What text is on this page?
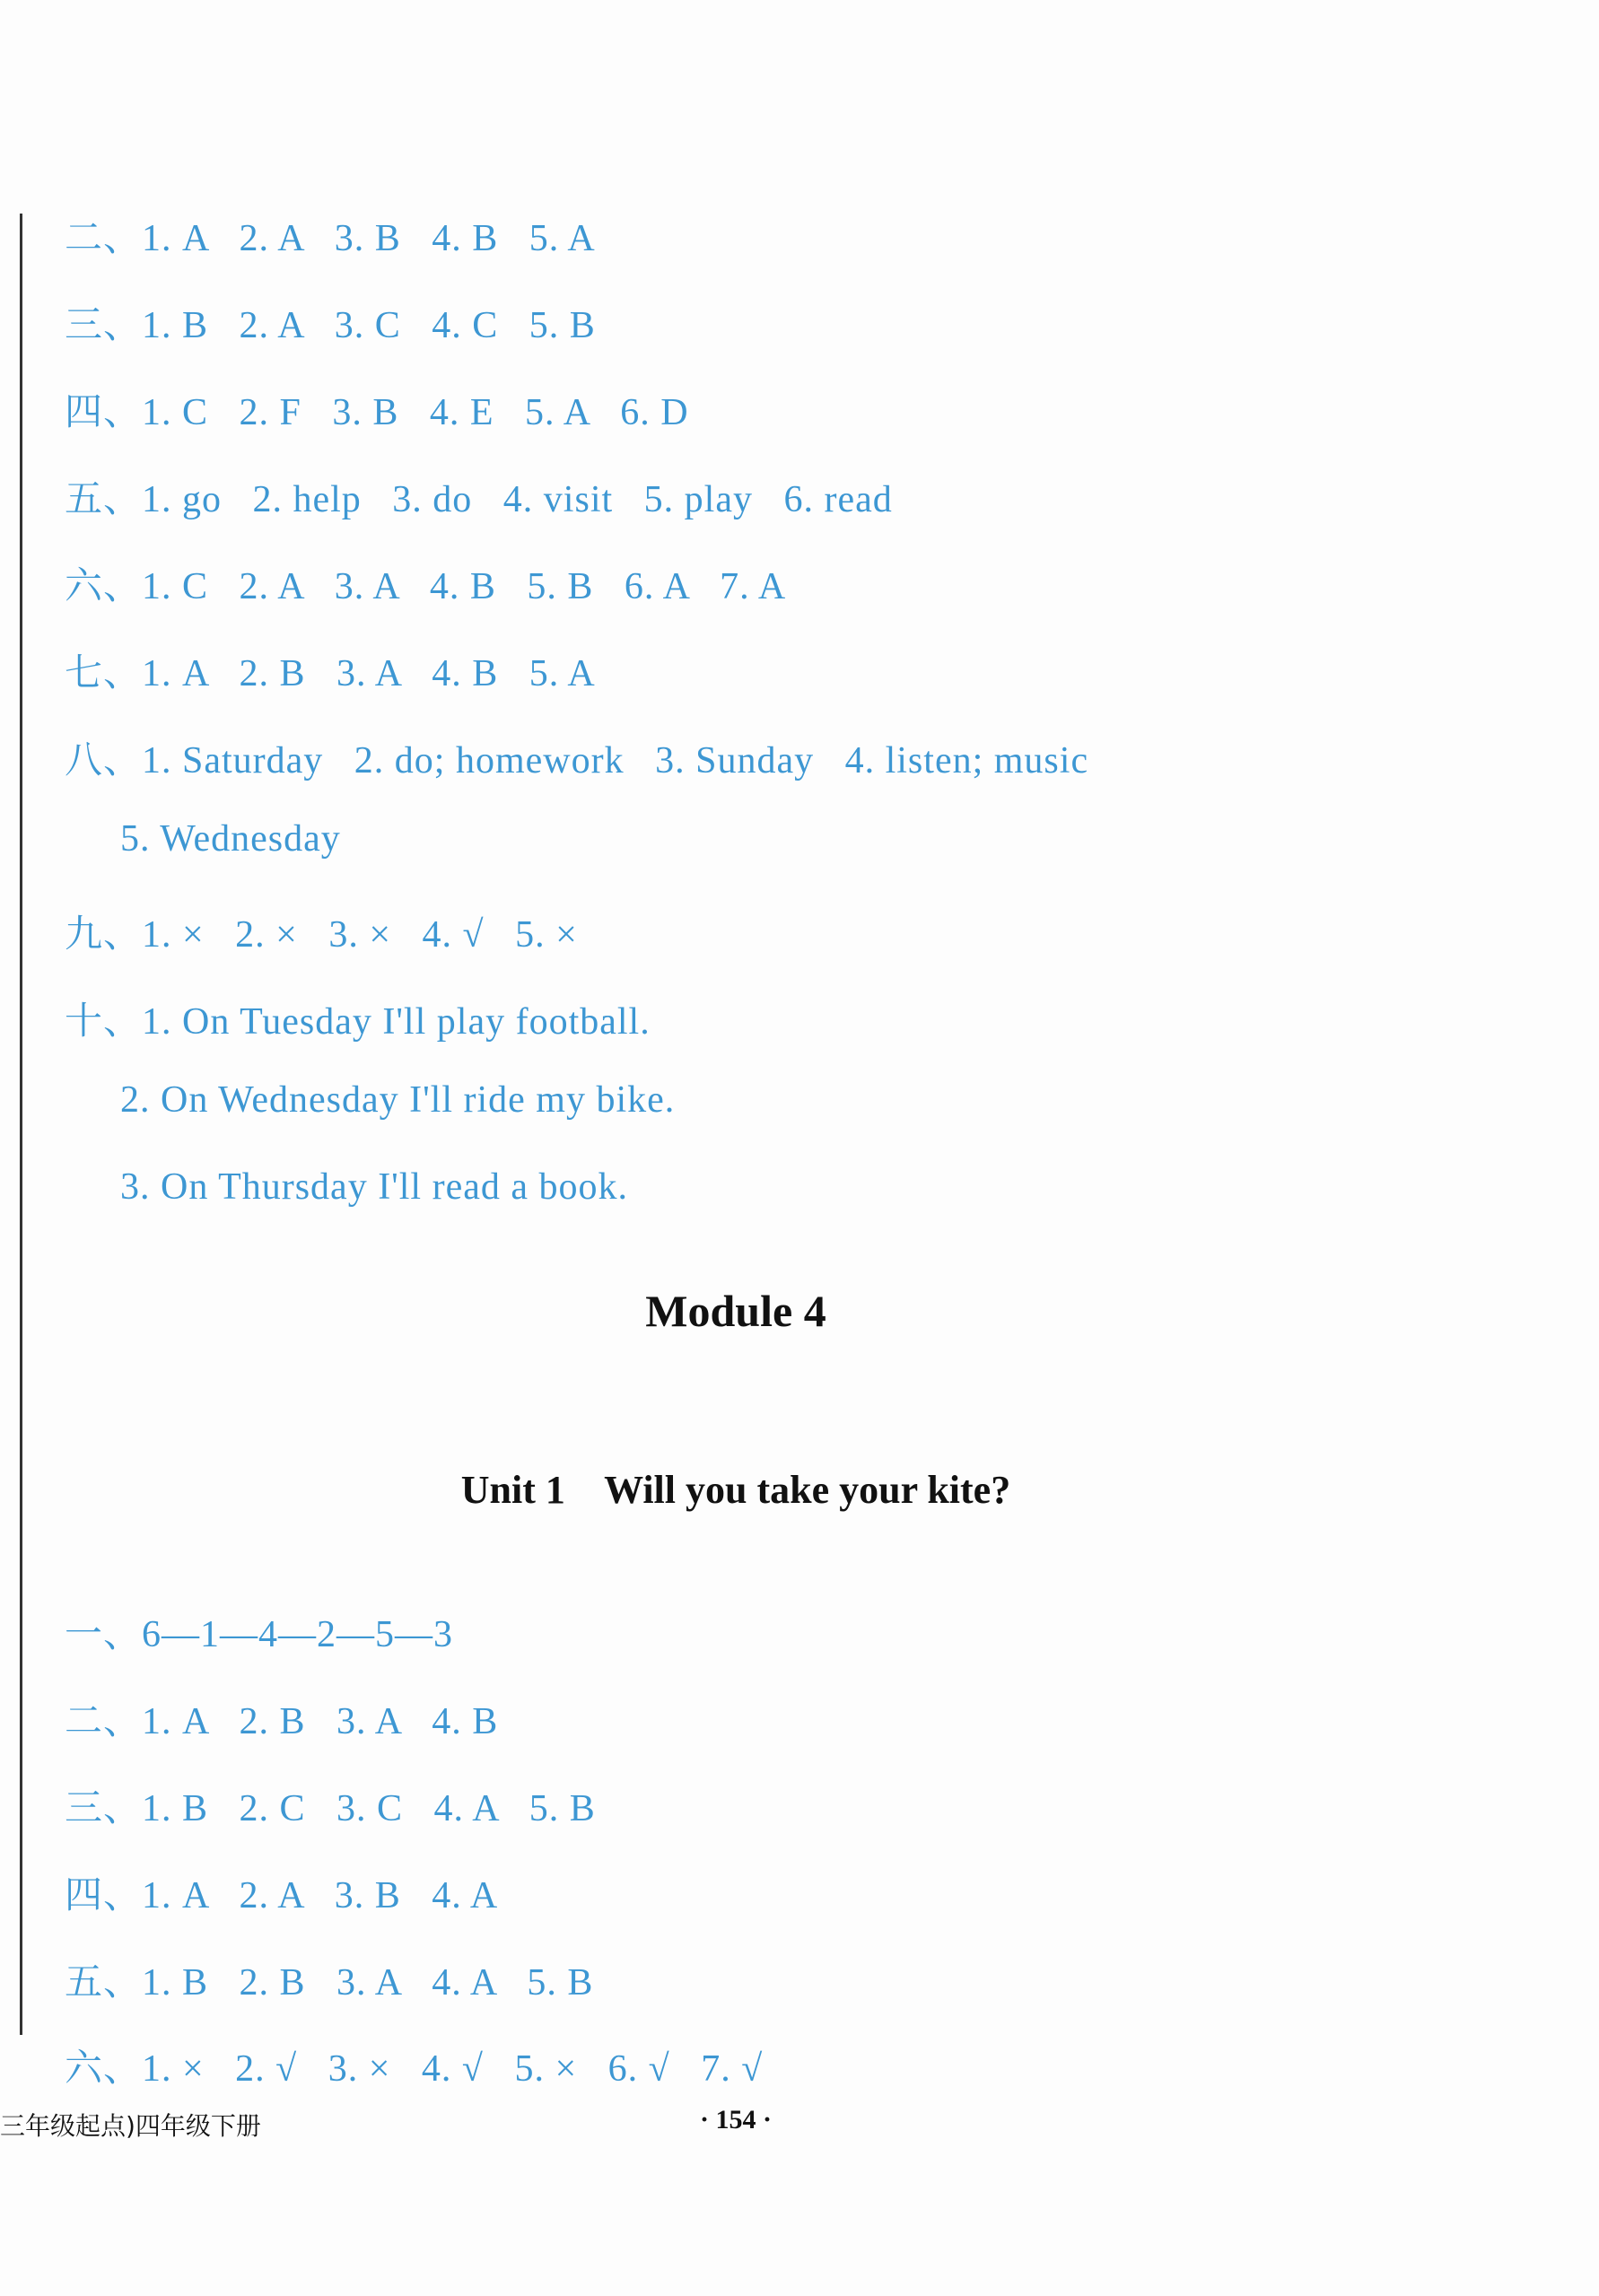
二、1. A   2. A   3. B   4. B   5. A

三、1. B   2. A   3. C   4. C   5. B

四、1. C   2. F   3. B   4. E   5. A   6. D

五、1. go   2. help   3. do   4. visit   5. play   6. read

六、1. C   2. A   3. A   4. B   5. B   6. A   7. A

七、1. A   2. B   3. A   4. B   5. A

八、1. Saturday   2. do; homework   3. Sunday   4. listen; music

5. Wednesday

九、1. ×   2. ×   3. ×   4. √   5. ×

十、1. On Tuesday I'll play football.

2. On Wednesday I'll ride my bike.

3. On Thursday I'll read a book.

Module 4
Unit 1    Will you take your kite?

一、6—1—4—2—5—3

二、1. A   2. B   3. A   4. B

三、1. B   2. C   3. C   4. A   5. B

四、1. A   2. A   3. B   4. A

五、1. B   2. B   3. A   4. A   5. B

六、1. ×   2. √   3. ×   4. √   5. ×   6. √   7. √

三年级起点)四年级下册	· 154 ·
